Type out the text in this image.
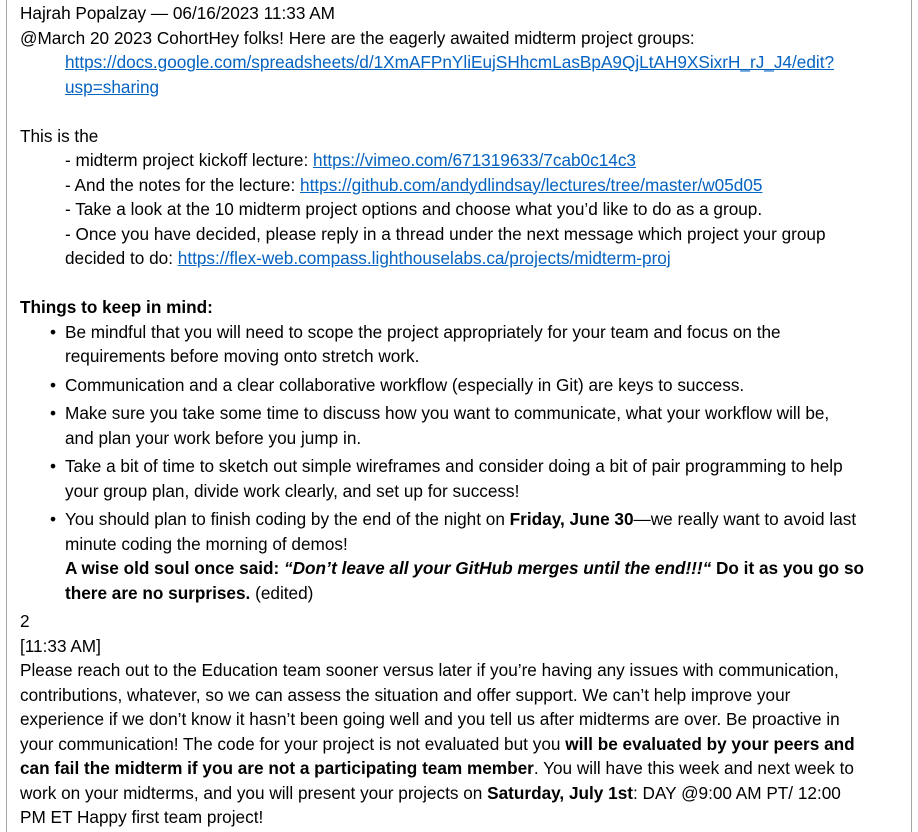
Hajrah Popalzay — 06/16/2023 11:33 AM
@March 20 2023 CohortHey folks! Here are the eagerly awaited midterm project groups:
https://docs.google.com/spreadsheets/d/1XmAFPnYliEujSHhcmLasBpA9QjLtAH9XSixrH_rJ_J4/edit?
usp=sharing
This is the
- midterm project kickoff lecture: https://vimeo.com/671319633/7cab0c14c3
- And the notes for the lecture: https://github.com/andydlindsay/lectures/tree/master/w05d05
- Take a look at the 10 midterm project options and choose what you’d like to do as a group.
- Once you have decided, please reply in a thread under the next message which project your group
decided to do: https://flex-web.compass.lighthouselabs.ca/projects/midterm-proj
Things to keep in mind:
• Be mindful that you will need to scope the project appropriately for your team and focus on the
requirements before moving onto stretch work.
• Communication and a clear collaborative workflow (especially in Git) are keys to success.
• Make sure you take some time to discuss how you want to communicate, what your workflow will be,
and plan your work before you jump in.
• Take a bit of time to sketch out simple wireframes and consider doing a bit of pair programming to help
your group plan, divide work clearly, and set up for success!
• You should plan to finish coding by the end of the night on Friday, June 30—we really want to avoid last
minute coding the morning of demos!
A wise old soul once said: “Don’t leave all your GitHub merges until the end!!!“ Do it as you go so
there are no surprises. (edited)
2
[11:33 AM]
Please reach out to the Education team sooner versus later if you’re having any issues with communication,
contributions, whatever, so we can assess the situation and offer support. We can’t help improve your
experience if we don’t know it hasn’t been going well and you tell us after midterms are over. Be proactive in
your communication! The code for your project is not evaluated but you will be evaluated by your peers and
can fail the midterm if you are not a participating team member. You will have this week and next week to
work on your midterms, and you will present your projects on Saturday, July 1st: DAY @9:00 AM PT/ 12:00
PM ET Happy first team project!
